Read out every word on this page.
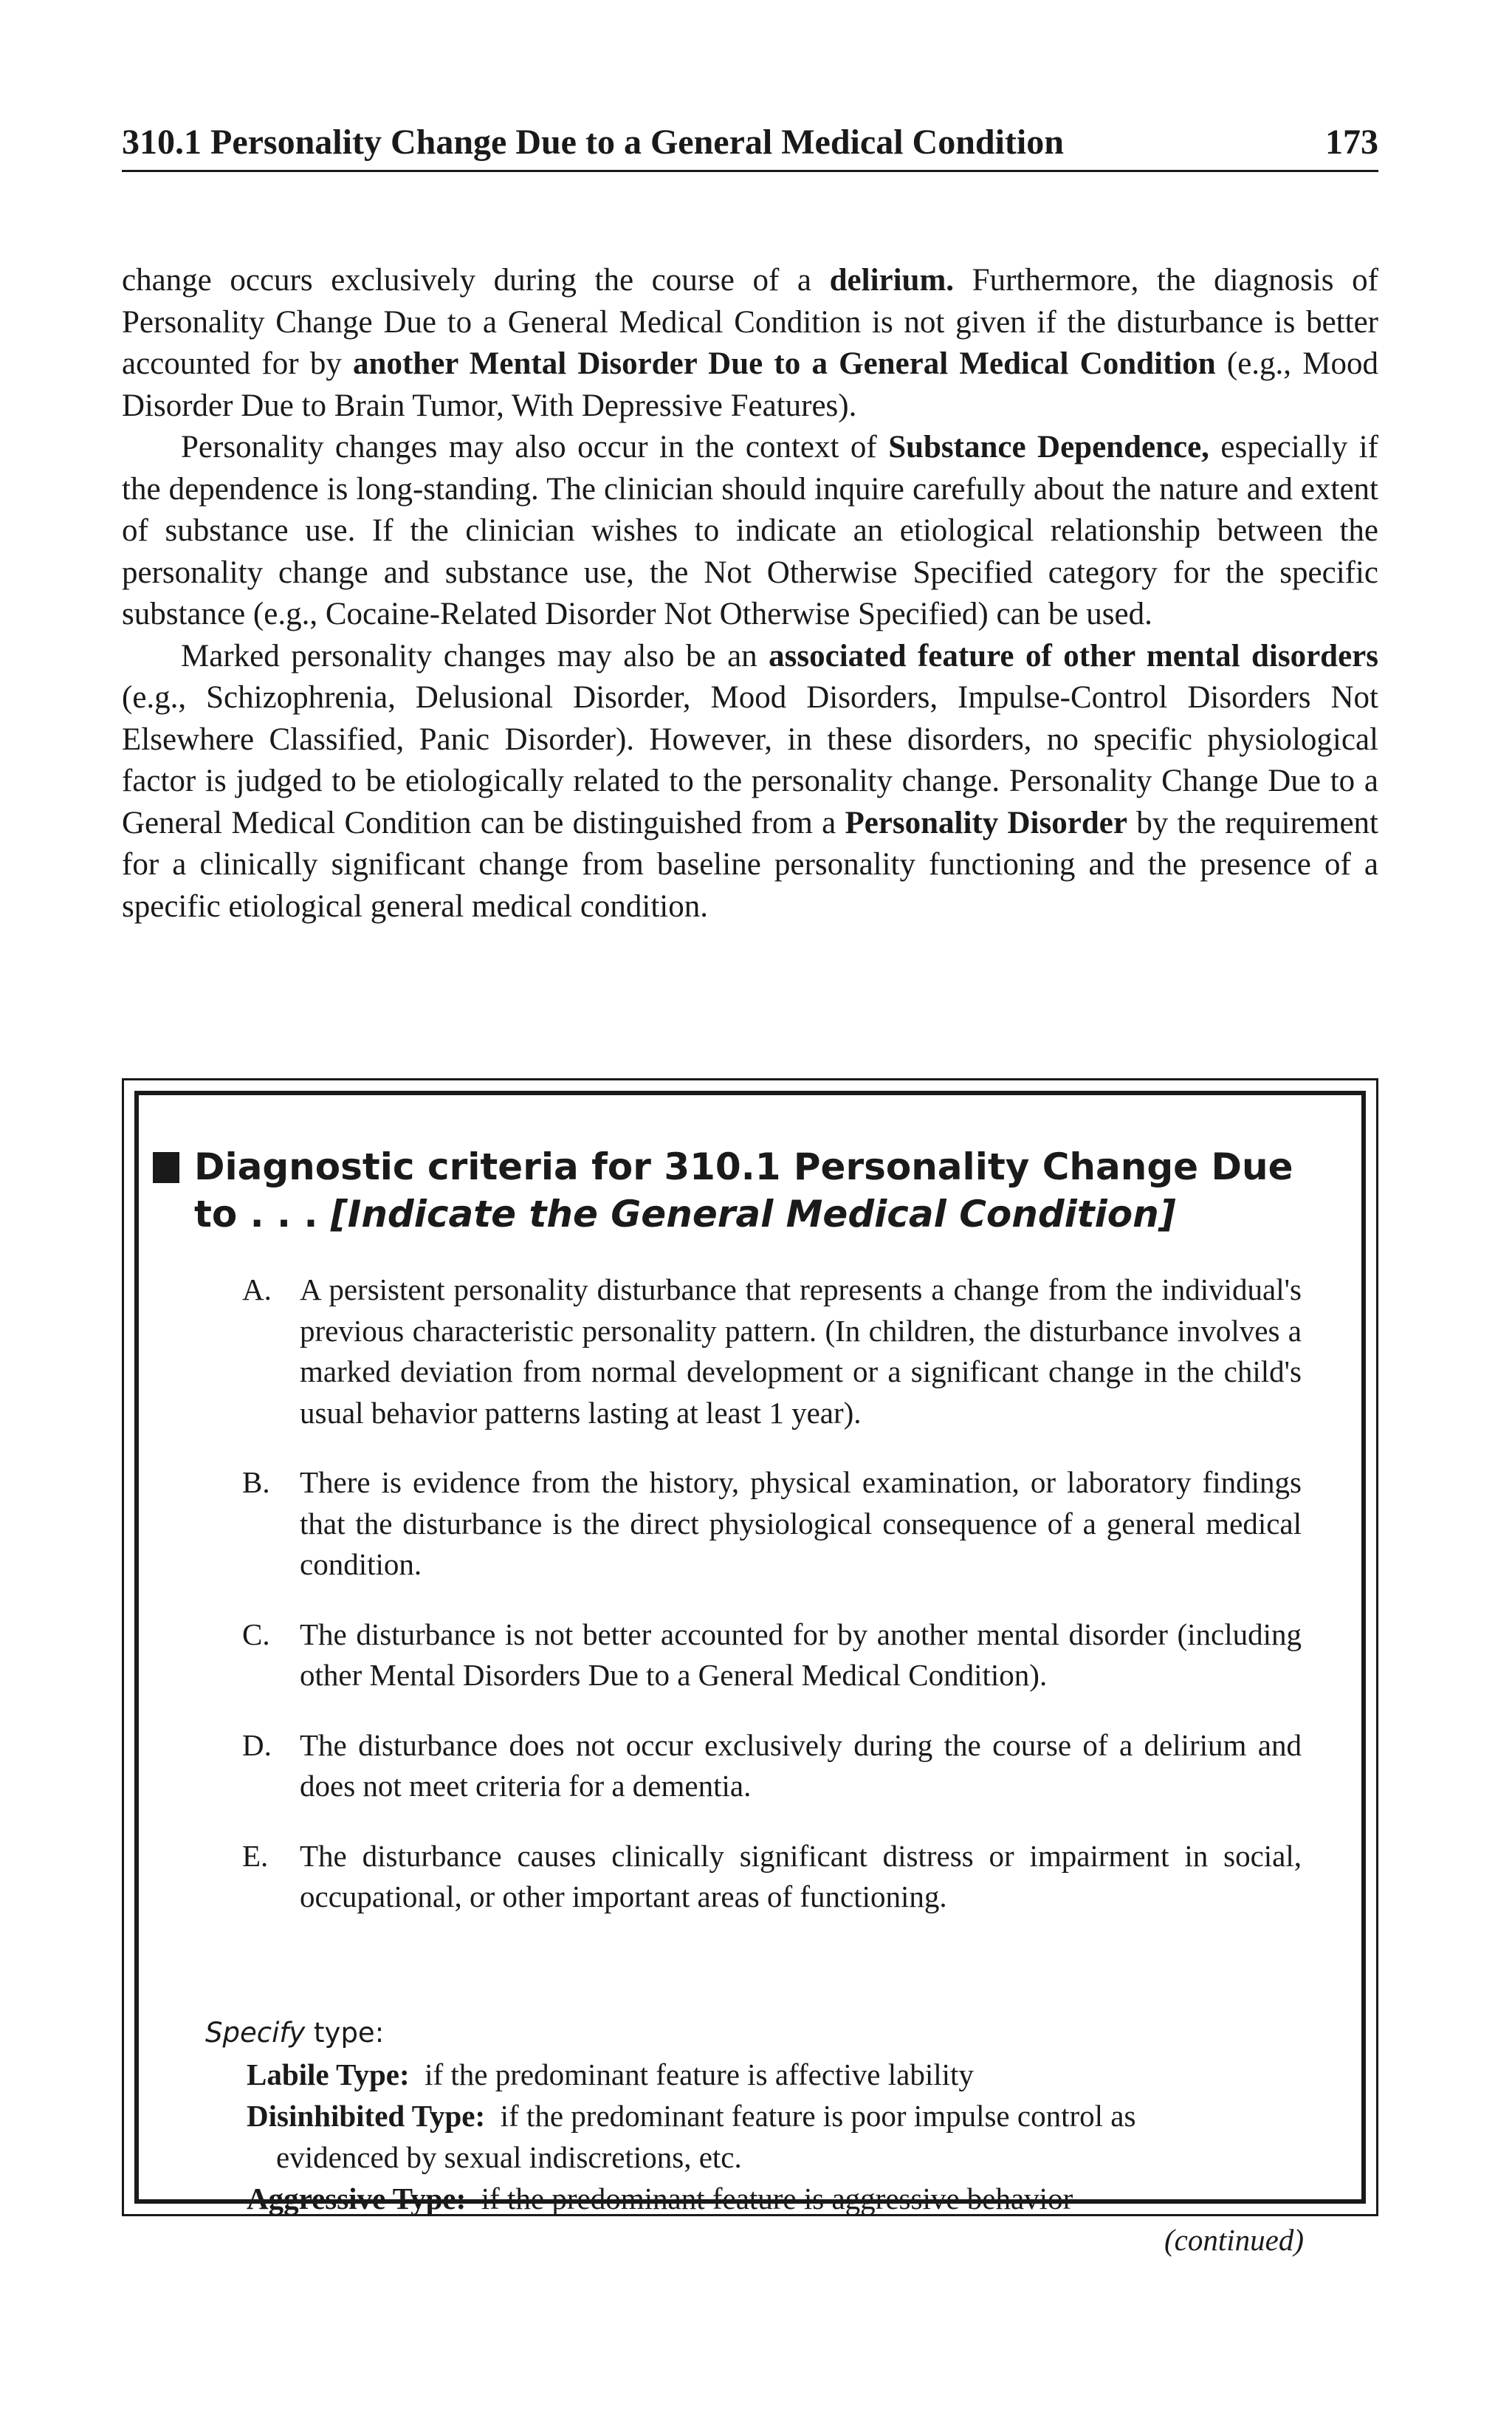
310.1 Personality Change Due to a General Medical Condition	173

change occurs exclusively during the course of a delirium. Furthermore, the diagnosis of Personality Change Due to a General Medical Condition is not given if the disturbance is better accounted for by another Mental Disorder Due to a General Medical Condition (e.g., Mood Disorder Due to Brain Tumor, With Depressive Features).

Personality changes may also occur in the context of Substance Dependence, especially if the dependence is long-standing. The clinician should inquire carefully about the nature and extent of substance use. If the clinician wishes to indicate an etiological relationship between the personality change and substance use, the Not Otherwise Specified category for the specific substance (e.g., Cocaine-Related Disorder Not Otherwise Specified) can be used.

Marked personality changes may also be an associated feature of other mental disorders (e.g., Schizophrenia, Delusional Disorder, Mood Disorders, Impulse-Control Disorders Not Elsewhere Classified, Panic Disorder). However, in these disorders, no specific physiological factor is judged to be etiologically related to the personality change. Personality Change Due to a General Medical Condition can be distinguished from a Personality Disorder by the requirement for a clinically significant change from baseline personality functioning and the presence of a specific etiological general medical condition.

Diagnostic criteria for 310.1 Personality Change Due to . . . [Indicate the General Medical Condition]
A. A persistent personality disturbance that represents a change from the individual's previous characteristic personality pattern. (In children, the disturbance involves a marked deviation from normal development or a significant change in the child's usual behavior patterns lasting at least 1 year).
B. There is evidence from the history, physical examination, or laboratory findings that the disturbance is the direct physiological consequence of a general medical condition.
C. The disturbance is not better accounted for by another mental disorder (including other Mental Disorders Due to a General Medical Condition).
D. The disturbance does not occur exclusively during the course of a delirium and does not meet criteria for a dementia.
E.	The disturbance causes clinically significant distress or impairment in social, occupational, or other important areas of functioning.
Specify type:
Labile Type: if the predominant feature is affective lability
Disinhibited Type: if the predominant feature is poor impulse control as
evidenced by sexual indiscretions, etc.
Aggressive Type: if the predominant feature is aggressive behavior
(continued)
